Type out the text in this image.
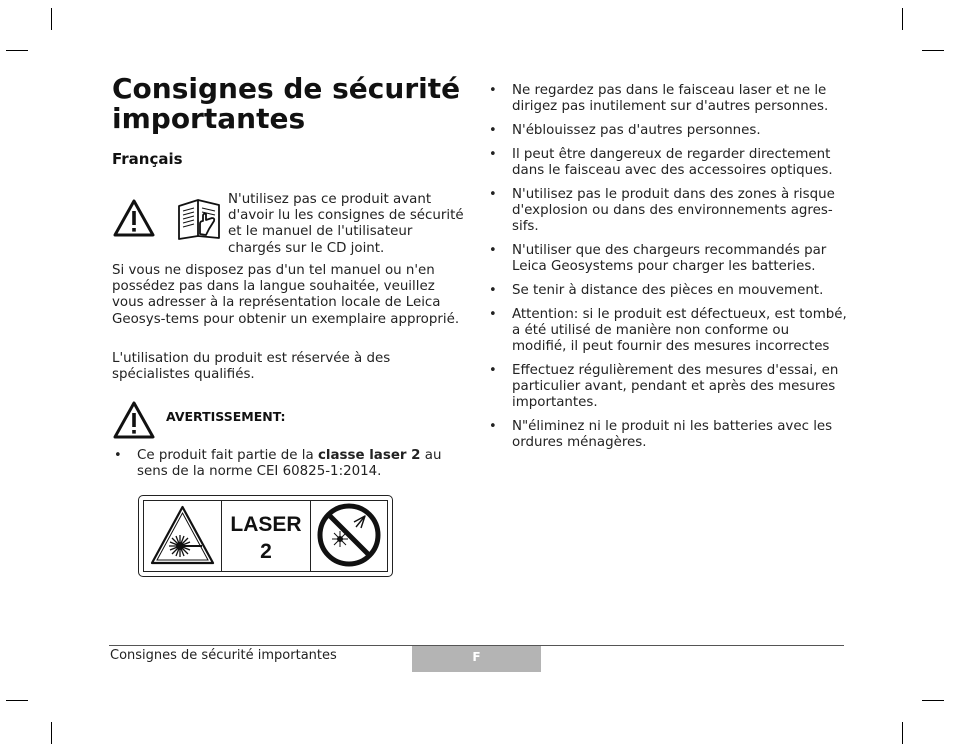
Consignes de sécurité importantes
Français
N'utilisez pas ce produit avant d'avoir lu les consignes de sécurité et le manuel de l'utilisateur chargés sur le CD joint.
Si vous ne disposez pas d'un tel manuel ou n'en possédez pas dans la langue souhaitée, veuillez vous adresser à la représentation locale de Leica Geosys-tems pour obtenir un exemplaire approprié.
L'utilisation du produit est réservée à des spécialistes qualifiés.
AVERTISSEMENT:
• Ce produit fait partie de la classe laser 2 au sens de la norme CEI 60825-1:2014.
LASER
2
• Ne regardez pas dans le faisceau laser et ne le dirigez pas inutilement sur d'autres personnes.
• N'éblouissez pas d'autres personnes.
• Il peut être dangereux de regarder directement dans le faisceau avec des accessoires optiques.
• N'utilisez pas le produit dans des zones à risque d'explosion ou dans des environnements agres-sifs.
• N'utiliser que des chargeurs recommandés par Leica Geosystems pour charger les batteries.
• Se tenir à distance des pièces en mouvement.
• Attention: si le produit est défectueux, est tombé, a été utilisé de manière non conforme ou modifié, il peut fournir des mesures incorrectes
• Effectuez régulièrement des mesures d'essai, en particulier avant, pendant et après des mesures importantes.
• N"éliminez ni le produit ni les batteries avec les ordures ménagères.
Consignes de sécurité importantes	F
